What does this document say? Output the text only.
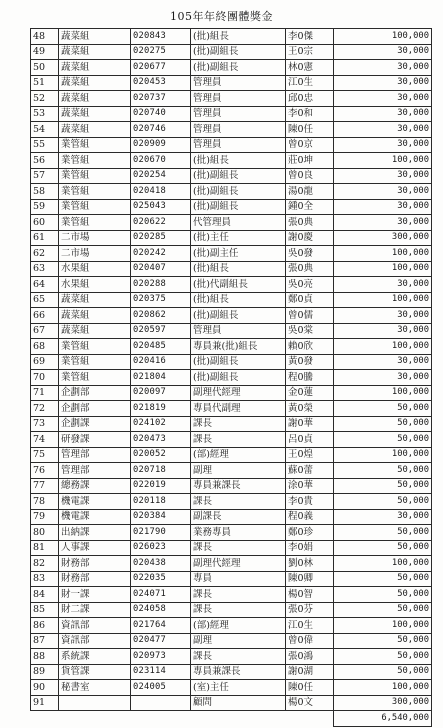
105年年終團體獎金
48	蔬菜組	020843	(批)組長	李0傑	100,000
49	蔬菜組	020275	(批)副組長	王0宗	30,000
50	蔬菜組	020677	(批)副組長	林0憲	30,000
51	蔬菜組	020453	管理員	江0生	30,000
52	蔬菜組	020737	管理員	邱0忠	30,000
53	蔬菜組	020740	管理員	李0和	30,000
54	蔬菜組	020746	管理員	陳0任	30,000
55	業管組	020909	管理員	曾0京	30,000
56	業管組	020670	(批)組長	莊0坤	100,000
57	業管組	020254	(批)副組長	曾0良	30,000
58	業管組	020418	(批)副組長	湯0龍	30,000
59	業管組	025043	(批)副組長	鍾0全	30,000
60	業管組	020622	代管理員	張0典	30,000
61	二市場	020285	(批)主任	謝0慶	300,000
62	二市場	020242	(批)副主任	吳0發	100,000
63	水果組	020407	(批)組長	張0典	100,000
64	水果組	020288	(批)代副組長	吳0亮	30,000
65	蔬菜組	020375	(批)組長	鄭0貞	100,000
66	蔬菜組	020862	(批)副組長	曾0儒	30,000
67	蔬菜組	020597	管理員	吳0棠	30,000
68	業管組	020485	專員兼(批)組長	賴0欣	100,000
69	業管組	020416	(批)副組長	黃0發	30,000
70	業管組	021804	(批)副組長	程0騰	30,000
71	企劃部	020097	副理代經理	金0蓮	100,000
72	企劃部	021819	專員代副理	黃0榮	50,000
73	企劃課	024102	課長	謝0華	50,000
74	研發課	020473	課長	呂0貞	50,000
75	管理部	020052	(部)經理	王0煌	100,000
76	管理部	020718	副理	蘇0蕾	50,000
77	總務課	022019	專員兼課長	涂0華	50,000
78	機電課	020118	課長	李0貴	50,000
79	機電課	020384	副課長	程0義	30,000
80	出納課	021790	業務專員	鄭0珍	50,000
81	人事課	026023	課長	李0娟	50,000
82	財務部	020438	副理代經理	劉0林	100,000
83	財務部	022035	專員	陳0卿	50,000
84	財一課	024071	課長	楊0智	50,000
85	財二課	024058	課長	張0芬	50,000
86	資訊部	021764	(部)經理	江0生	100,000
87	資訊部	020477	副理	曾0偉	50,000
88	系統課	020973	課長	張0鴻	50,000
89	貨管課	023114	專員兼課長	謝0湖	50,000
90	秘書室	024005	(室)主任	陳0任	100,000
91			顧問	楊0文	300,000
					6,540,000
